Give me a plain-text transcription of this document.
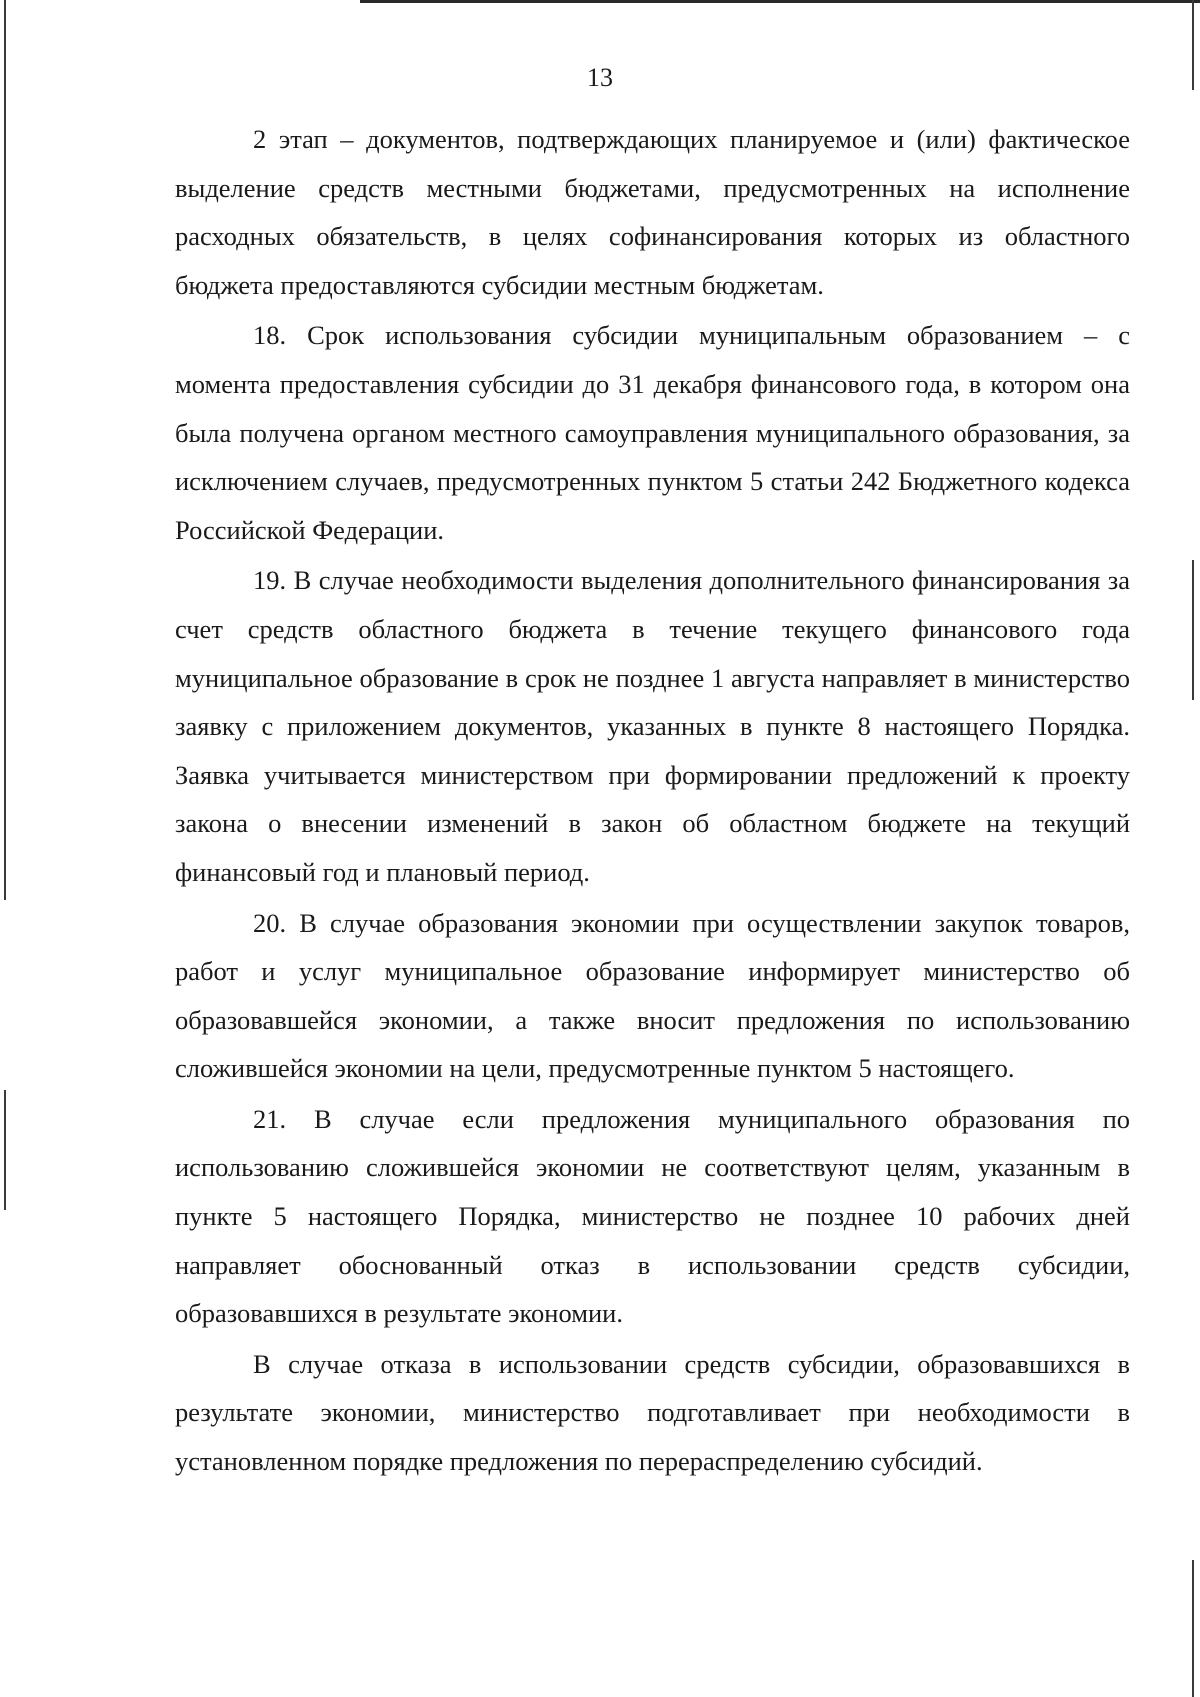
13

2 этап – документов, подтверждающих планируемое и (или) фактическое выделение средств местными бюджетами, предусмотренных на исполнение расходных обязательств, в целях софинансирования которых из областного бюджета предоставляются субсидии местным бюджетам.

18. Срок использования субсидии муниципальным образованием – с момента предоставления субсидии до 31 декабря финансового года, в котором она была получена органом местного самоуправления муниципального образования, за исключением случаев, предусмотренных пунктом 5 статьи 242 Бюджетного кодекса Российской Федерации.

19. В случае необходимости выделения дополнительного финансирования за счет средств областного бюджета в течение текущего финансового года муниципальное образование в срок не позднее 1 августа направляет в министерство заявку с приложением документов, указанных в пункте 8 настоящего Порядка. Заявка учитывается министерством при формировании предложений к проекту закона о внесении изменений в закон об областном бюджете на текущий финансовый год и плановый период.

20. В случае образования экономии при осуществлении закупок товаров, работ и услуг муниципальное образование информирует министерство об образовавшейся экономии, а также вносит предложения по использованию сложившейся экономии на цели, предусмотренные пунктом 5 настоящего.

21. В случае если предложения муниципального образования по использованию сложившейся экономии не соответствуют целям, указанным в пункте 5 настоящего Порядка, министерство не позднее 10 рабочих дней направляет обоснованный отказ в использовании средств субсидии, образовавшихся в результате экономии.

В случае отказа в использовании средств субсидии, образовавшихся в результате экономии, министерство подготавливает при необходимости в установленном порядке предложения по перераспределению субсидий.
